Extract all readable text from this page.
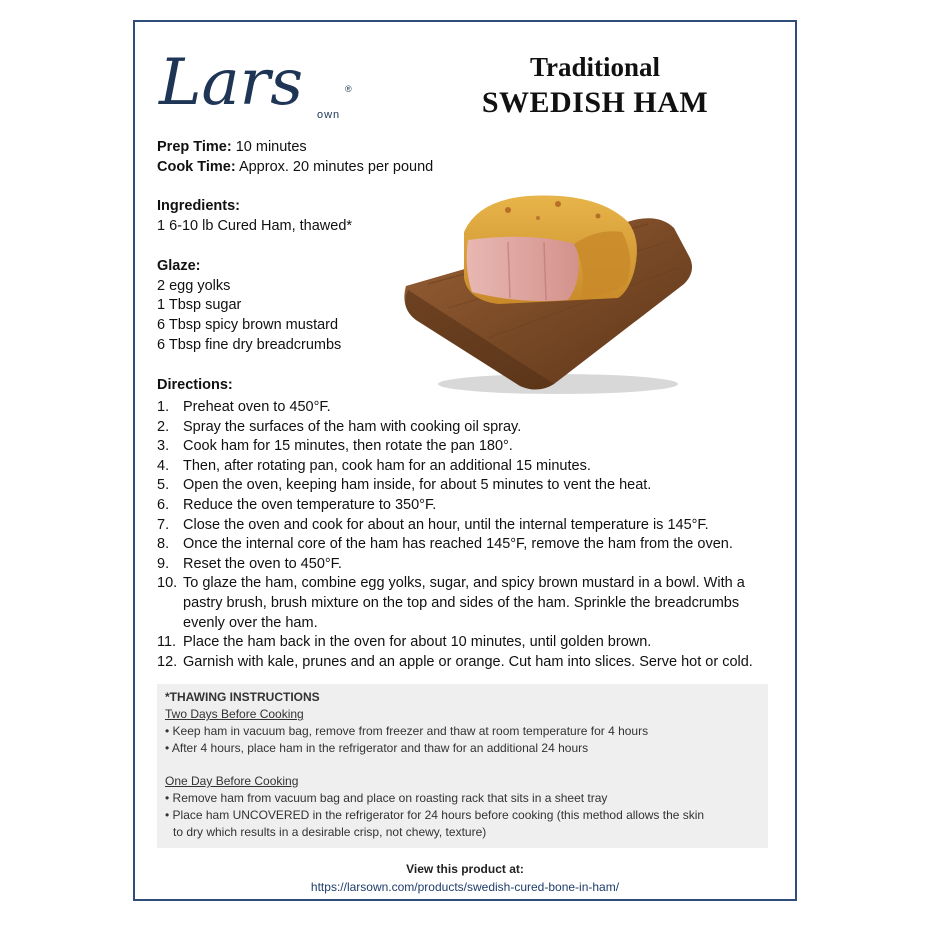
Lars	®
own
Traditional
SWEDISH HAM
Prep Time: 10 minutes
Cook Time: Approx. 20 minutes per pound
Ingredients:
1 6-10 lb Cured Ham, thawed*
Glaze:
2 egg yolks
1 Tbsp sugar
6 Tbsp spicy brown mustard
6 Tbsp fine dry breadcrumbs
Directions:
1. Preheat oven to 450°F.
2. Spray the surfaces of the ham with cooking oil spray.
3. Cook ham for 15 minutes, then rotate the pan 180°.
4. Then, after rotating pan, cook ham for an additional 15 minutes.
5. Open the oven, keeping ham inside, for about 5 minutes to vent the heat.
6. Reduce the oven temperature to 350°F.
7. Close the oven and cook for about an hour, until the internal temperature is 145°F.
8. Once the internal core of the ham has reached 145°F, remove the ham from the oven.
9. Reset the oven to 450°F.
10. To glaze the ham, combine egg yolks, sugar, and spicy brown mustard in a bowl. With a pastry brush, brush mixture on the top and sides of the ham. Sprinkle the breadcrumbs evenly over the ham.
11. Place the ham back in the oven for about 10 minutes, until golden brown.
12. Garnish with kale, prunes and an apple or orange. Cut ham into slices. Serve hot or cold.
*THAWING INSTRUCTIONS
Two Days Before Cooking
• Keep ham in vacuum bag, remove from freezer and thaw at room temperature for 4 hours
• After 4 hours, place ham in the refrigerator and thaw for an additional 24 hours
One Day Before Cooking
• Remove ham from vacuum bag and place on roasting rack that sits in a sheet tray
• Place ham UNCOVERED in the refrigerator for 24 hours before cooking (this method allows the skin
to dry which results in a desirable crisp, not chewy, texture)
View this product at:
https://larsown.com/products/swedish-cured-bone-in-ham/
